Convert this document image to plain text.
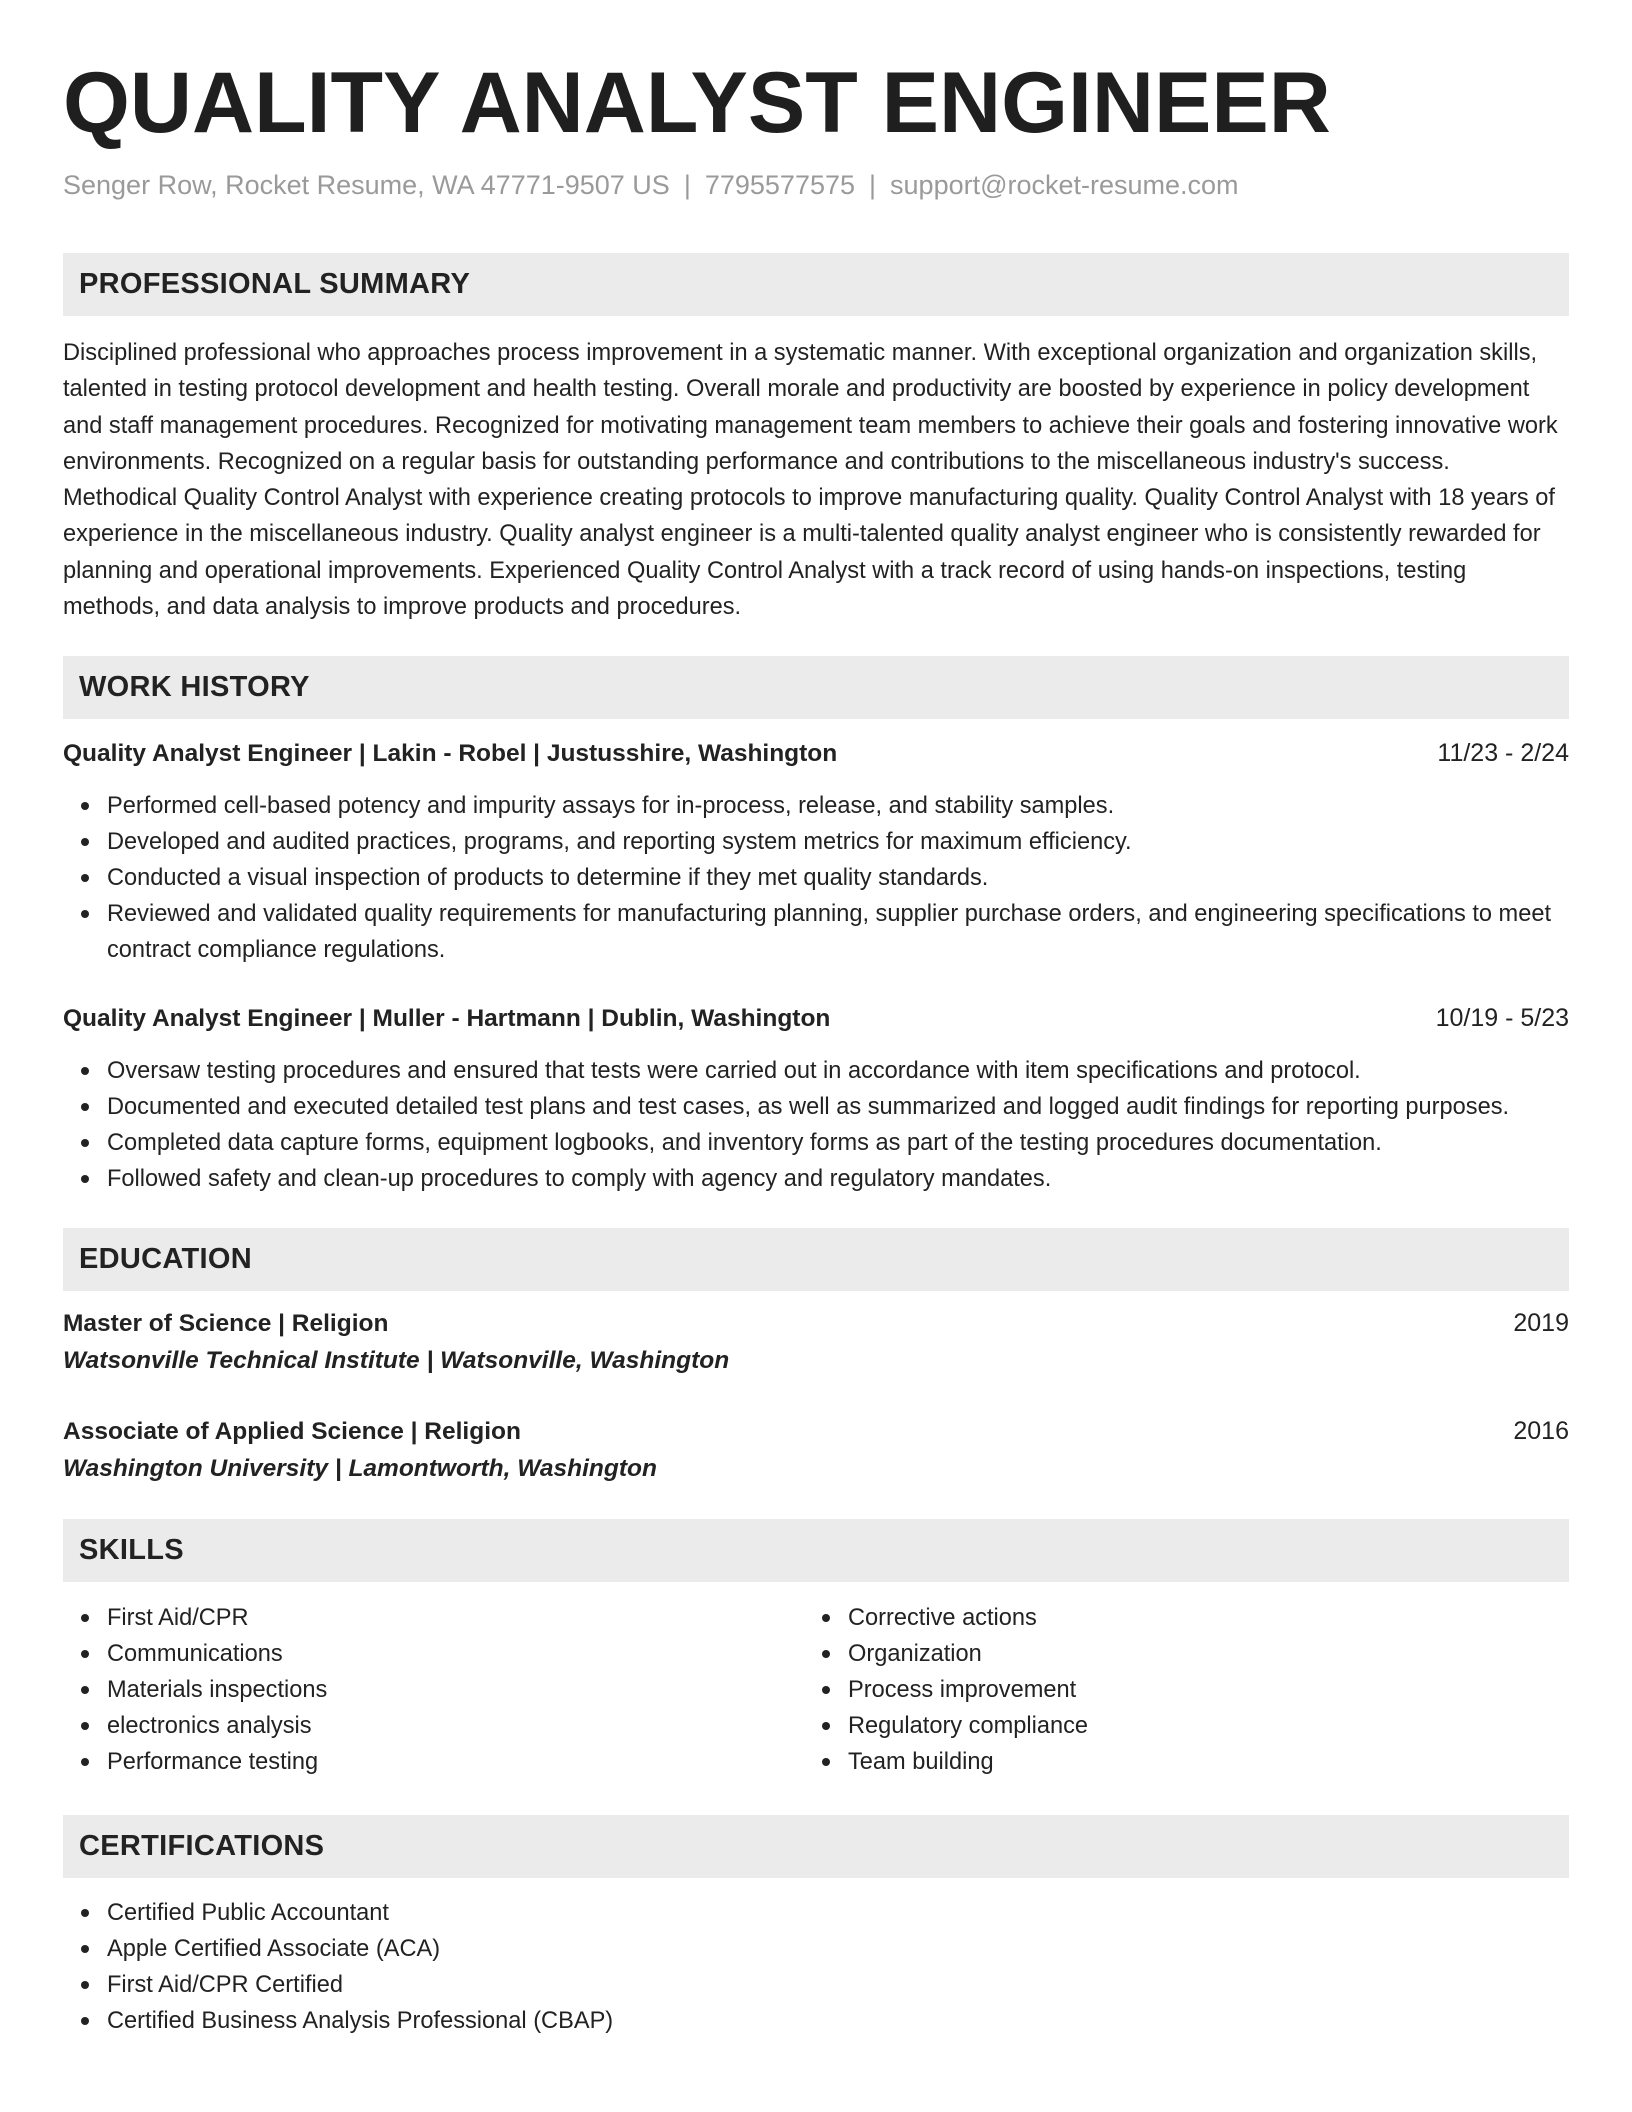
QUALITY ANALYST ENGINEER
Senger Row, Rocket Resume, WA 47771-9507 US | 7795577575 | support@rocket-resume.com
PROFESSIONAL SUMMARY
Disciplined professional who approaches process improvement in a systematic manner. With exceptional organization and organization skills, talented in testing protocol development and health testing. Overall morale and productivity are boosted by experience in policy development and staff management procedures. Recognized for motivating management team members to achieve their goals and fostering innovative work environments. Recognized on a regular basis for outstanding performance and contributions to the miscellaneous industry's success. Methodical Quality Control Analyst with experience creating protocols to improve manufacturing quality. Quality Control Analyst with 18 years of experience in the miscellaneous industry. Quality analyst engineer is a multi-talented quality analyst engineer who is consistently rewarded for planning and operational improvements. Experienced Quality Control Analyst with a track record of using hands-on inspections, testing methods, and data analysis to improve products and procedures.
WORK HISTORY
Quality Analyst Engineer | Lakin - Robel | Justusshire, Washington	11/23 - 2/24
Performed cell-based potency and impurity assays for in-process, release, and stability samples.
Developed and audited practices, programs, and reporting system metrics for maximum efficiency.
Conducted a visual inspection of products to determine if they met quality standards.
Reviewed and validated quality requirements for manufacturing planning, supplier purchase orders, and engineering specifications to meet contract compliance regulations.
Quality Analyst Engineer | Muller - Hartmann | Dublin, Washington	10/19 - 5/23
Oversaw testing procedures and ensured that tests were carried out in accordance with item specifications and protocol.
Documented and executed detailed test plans and test cases, as well as summarized and logged audit findings for reporting purposes.
Completed data capture forms, equipment logbooks, and inventory forms as part of the testing procedures documentation.
Followed safety and clean-up procedures to comply with agency and regulatory mandates.
EDUCATION
Master of Science | Religion	2019
Watsonville Technical Institute | Watsonville, Washington
Associate of Applied Science | Religion	2016
Washington University | Lamontworth, Washington
SKILLS
First Aid/CPR
Communications
Materials inspections
electronics analysis
Performance testing
Corrective actions
Organization
Process improvement
Regulatory compliance
Team building
CERTIFICATIONS
Certified Public Accountant
Apple Certified Associate (ACA)
First Aid/CPR Certified
Certified Business Analysis Professional (CBAP)
